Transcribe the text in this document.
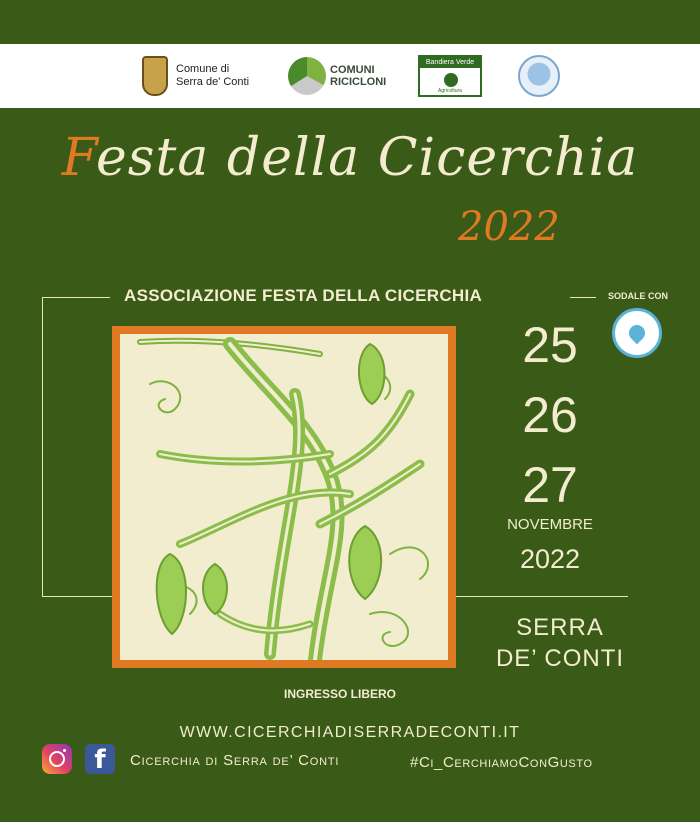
Comune di
Serra de' Conti
COMUNI
RICICLONI
Bandiera Verde
Agricoltura
Festa della Cicerchia
2022
ASSOCIAZIONE FESTA DELLA CICERCHIA	SODALE CON
25
26
27
NOVEMBRE
2022
SERRA
DE’ CONTI
INGRESSO LIBERO
WWW.CICERCHIADISERRADECONTI.IT
f	Cicerchia di Serra de’ Conti	#Ci_CerchiamoConGusto
